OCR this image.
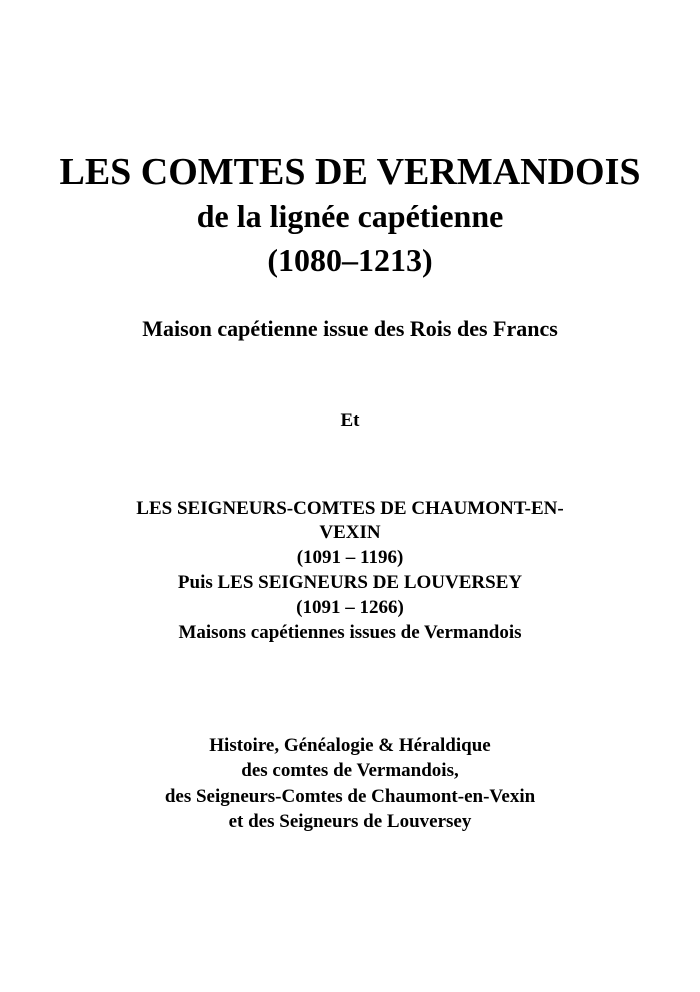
LES COMTES DE VERMANDOIS
de la lignée capétienne
(1080–1213)

Maison capétienne issue des Rois des Francs

Et

LES SEIGNEURS-COMTES DE CHAUMONT-EN-

VEXIN

(1091 – 1196)

Puis LES SEIGNEURS DE LOUVERSEY

(1091 – 1266)

Maisons capétiennes issues de Vermandois

Histoire, Généalogie & Héraldique

des comtes de Vermandois,

des Seigneurs-Comtes de Chaumont-en-Vexin

et des Seigneurs de Louversey
